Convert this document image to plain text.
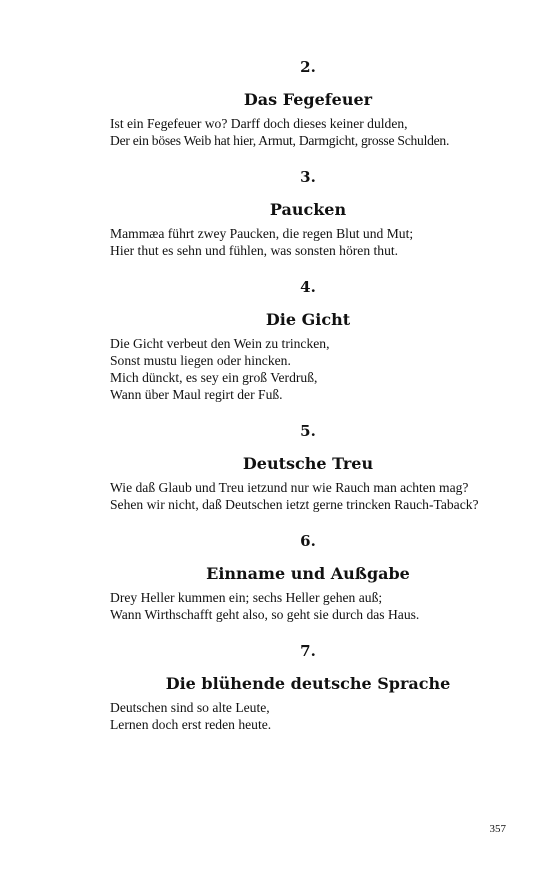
2.
Das Fegefeuer
Ist ein Fegefeuer wo? Darff doch dieses keiner dulden,
Der ein böses Weib hat hier, Armut, Darmgicht, grosse Schulden.
3.
Paucken
Mammæa führt zwey Paucken, die regen Blut und Mut;
Hier thut es sehn und fühlen, was sonsten hören thut.
4.
Die Gicht
Die Gicht verbeut den Wein zu trincken,
Sonst mustu liegen oder hincken.
Mich dünckt, es sey ein groß Verdruß,
Wann über Maul regirt der Fuß.
5.
Deutsche Treu
Wie daß Glaub und Treu ietzund nur wie Rauch man achten mag?
Sehen wir nicht, daß Deutschen ietzt gerne trincken Rauch-Taback?
6.
Einname und Außgabe
Drey Heller kummen ein; sechs Heller gehen auß;
Wann Wirthschafft geht also, so geht sie durch das Haus.
7.
Die blühende deutsche Sprache
Deutschen sind so alte Leute,
Lernen doch erst reden heute.
357
